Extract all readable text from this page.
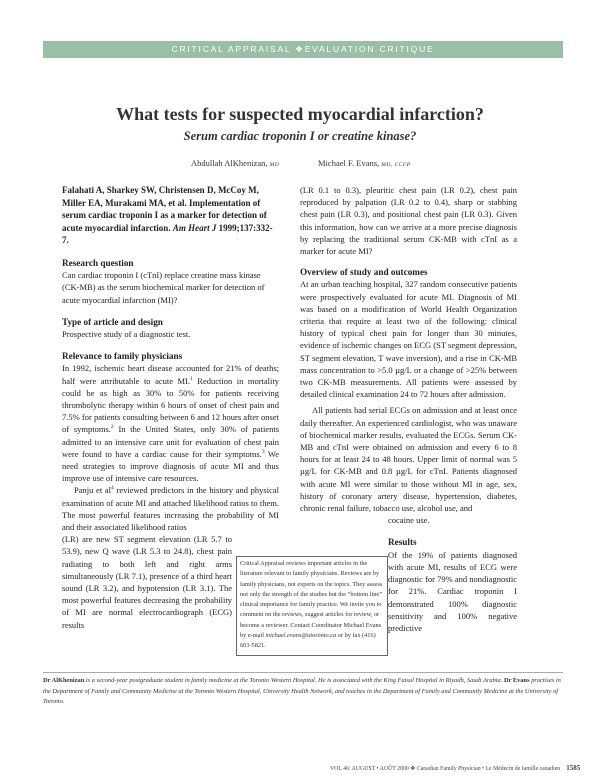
CRITICAL APPRAISAL ❖EVALUATION CRITIQUE
What tests for suspected myocardial infarction?
Serum cardiac troponin I or creatine kinase?
Abdullah AlKhenizan, MD	Michael F. Evans, MD, CCFP

Falahati A, Sharkey SW, Christensen D, McCoy M, Miller EA, Murakami MA, et al. Implementation of serum cardiac troponin I as a marker for detection of acute myocardial infarction. Am Heart J 1999;137:332-7.

Research question

Can cardiac troponin I (cTnI) replace creatine mass kinase (CK-MB) as the serum biochemical marker for detection of acute myocardial infarction (MI)?

Type of article and design

Prospective study of a diagnostic test.

Relevance to family physicians

In 1992, ischemic heart disease accounted for 21% of deaths; half were attributable to acute MI.$^1$ Reduction in mortality could be as high as 30% to 50% for patients receiving thrombolytic therapy within 6 hours of onset of chest pain and 7.5% for patients consulting between 6 and 12 hours after onset of symptoms.$^2$ In the United States, only 30% of patients admitted to an intensive care unit for evaluation of chest pain were found to have a cardiac cause for their symptoms.$^3$ We need strategies to improve diagnosis of acute MI and thus improve use of intensive care resources.

Panju et $al^4$ reviewed predictors in the history and physical examination of acute MI and attached likelihood ratios to them. The most powerful features increasing the probability of MI and their associated likelihood ratios

(LR) are new ST segment elevation (LR 5.7 to 53.9), new Q wave (LR 5.3 to 24.8), chest pain radiating to both left and right arms simultaneously (LR 7.1), presence of a third heart sound (LR 3.2), and hypotension (LR 3.1). The most powerful features decreasing the probability of MI are normal electrocardiograph (ECG) results

(LR 0.1 to 0.3), pleuritic chest pain (LR 0.2), chest pain reproduced by palpation (LR 0.2 to 0.4), sharp or stabbing chest pain (LR 0.3), and positional chest pain (LR 0.3). Given this information, how can we arrive at a more precise diagnosis by replacing the traditional serum CK-MB with cTnI as a marker for acute MI?

Overview of study and outcomes

At an urban teaching hospital, 327 random consecutive patients were prospectively evaluated for acute MI. Diagnosis of MI was based on a modification of World Health Organization criteria that require at least two of the following: clinical history of typical chest pain for longer than 30 minutes, evidence of ischemic changes on ECG (ST segment depression, ST segment elevation, T wave inversion), and a rise in CK-MB mass concentration to >5.0 µg/L or a change of >25% between two CK-MB measurements. All patients were assessed by detailed clinical examination 24 to 72 hours after admission.

All patients had serial ECGs on admission and at least once daily thereafter. An experienced cardiologist, who was unaware of biochemical marker results, evaluated the ECGs. Serum CK-MB and cTnI were obtained on admission and every 6 to 8 hours for at least 24 to 48 hours. Upper limit of normal was 5 µg/L for CK-MB and 0.8 µg/L for cTnI. Patients diagnosed with acute MI were similar to those without MI in age, sex, history of coronary artery disease, hypertension, diabetes, chronic renal failure, tobacco use, alcohol use, and

cocaine use.

Results

Of the 19% of patients diagnosed with acute MI, results of ECG were diagnostic for 79% and nondiagnostic for 21%. Cardiac troponin I demonstrated 100% diagnostic sensitivity and 100% negative predictive

Critical Appraisal reviews important articles in the literature relevant to family physicians. Reviews are by family physicians, not experts on the topics. They assess not only the strength of the studies but the “bottom line” clinical importance for family practice. We invite you to comment on the reviews, suggest articles for review, or become a reviewer. Contact Coordinator Michael Evans by e-mail michael.evans@utoronto.ca or by fax (416) 603-5821.
Dr AlKhenizan is a second-year postgraduate student in family medicine at the Toronto Western Hospital. He is associated with the King Faisal Hospital in Riyadh, Saudi Arabia. Dr Evans practises in the Department of Family and Community Medicine at the Toronto Western Hospital, University Health Network, and teaches in the Department of Family and Community Medicine at the University of Toronto.
VOL 46: AUGUST • AOÛT 2000 ❖ Canadian Family Physician • Le Médecin de famille canadien 1585
